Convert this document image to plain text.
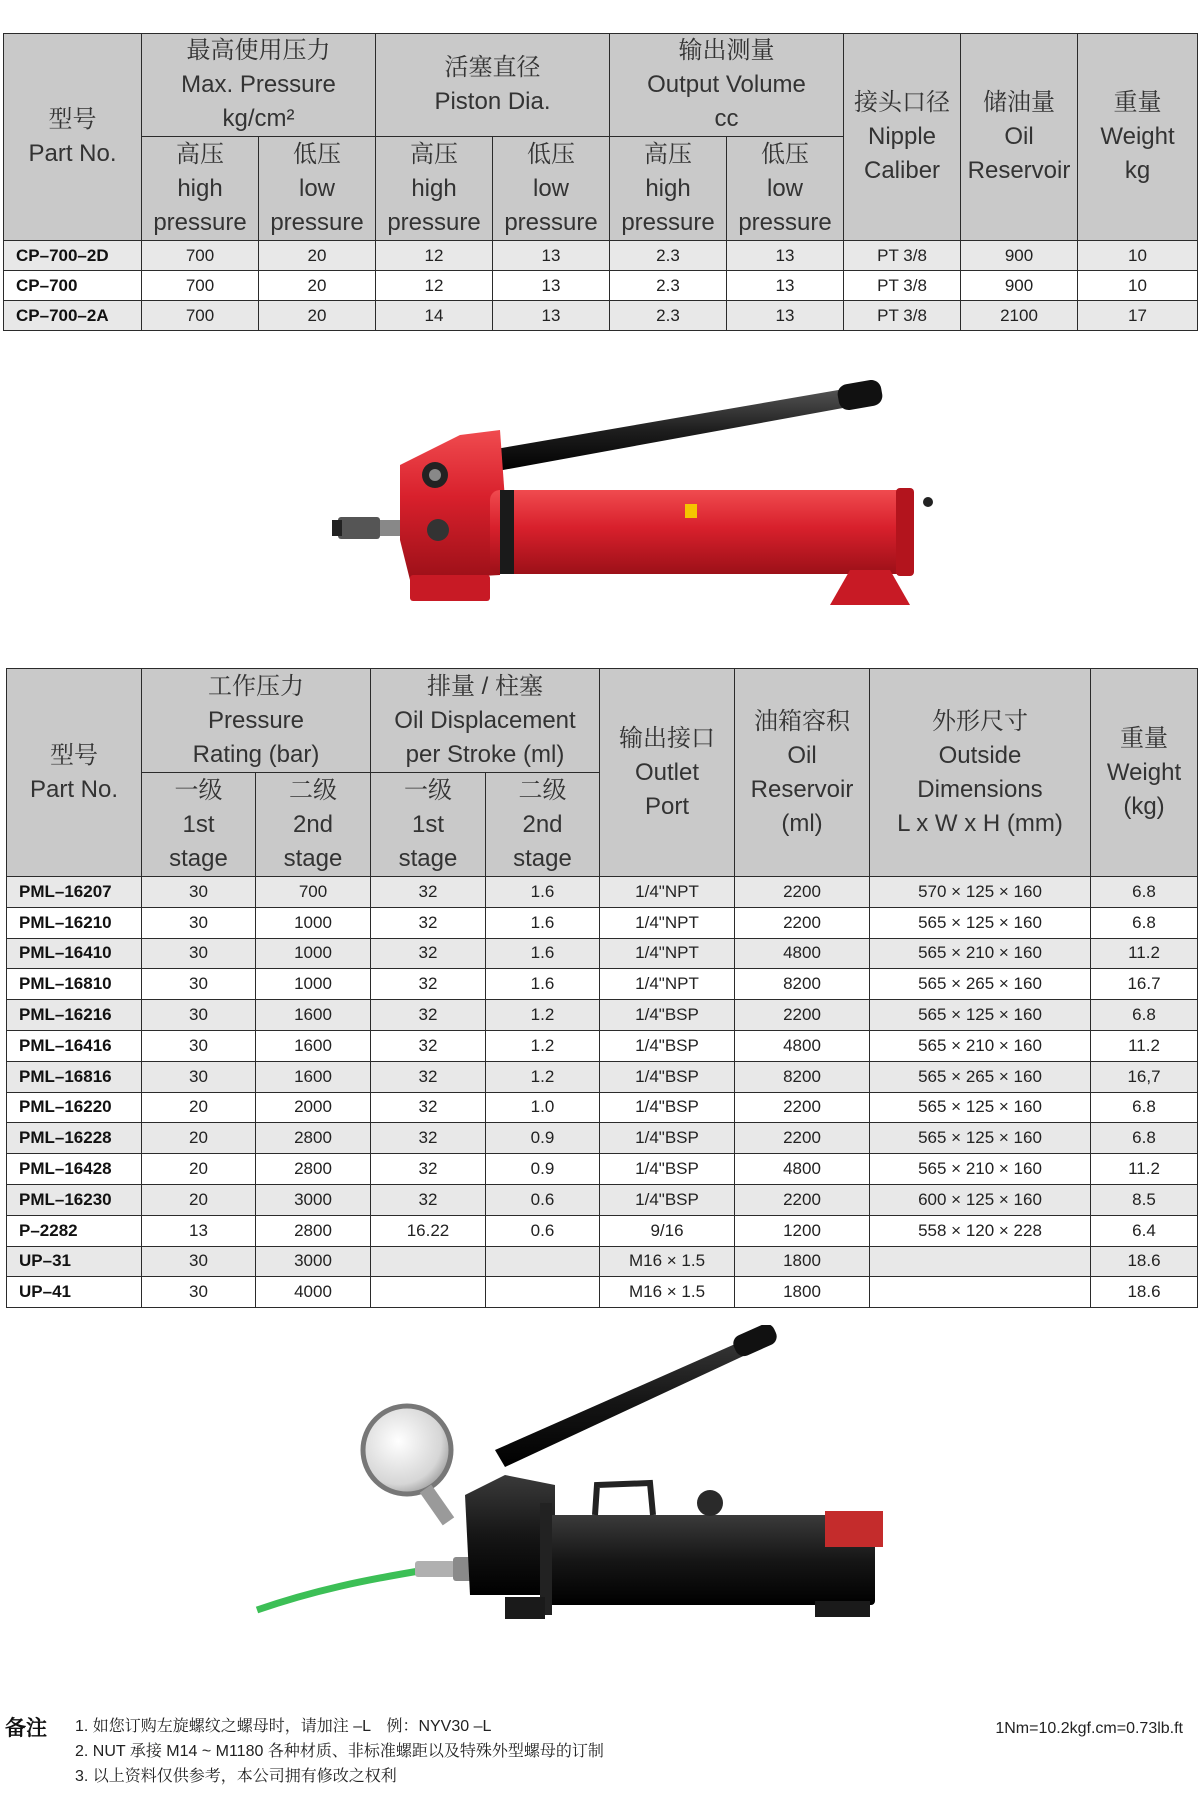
型号
Part No.	最高使用压力
Max. Pressure
kg/cm²		活塞直径
Piston Dia.		输出测量
Output Volume
cc		接头口径
Nipple
Caliber	储油量
Oil
Reservoir	重量
Weight
kg

	高压
high
pressure	低压
low
pressure	高压
high
pressure	低压
low
pressure	高压
high
pressure	低压
low
pressure			

CP–700–2D	700	20	12	13	2.3	13	PT 3/8	900	10
CP–700	700	20	12	13	2.3	13	PT 3/8	900	10
CP–700–2A	700	20	14	13	2.3	13	PT 3/8	2100	17
型号
Part No.	工作压力
Pressure
Rating (bar)		排量 / 柱塞
Oil Displacement
per Stroke (ml)		输出接口
Outlet
Port	油箱容积
Oil
Reservoir
(ml)	外形尺寸
Outside
Dimensions
L x W x H (mm)	重量
Weight
(kg)

	一级
1st
stage	二级
2nd
stage	一级
1st
stage	二级
2nd
stage				

PML–16207	30	700	32	1.6	1/4"NPT	2200	570 × 125 × 160	6.8
PML–16210	30	1000	32	1.6	1/4"NPT	2200	565 × 125 × 160	6.8
PML–16410	30	1000	32	1.6	1/4"NPT	4800	565 × 210 × 160	11.2
PML–16810	30	1000	32	1.6	1/4"NPT	8200	565 × 265 × 160	16.7
PML–16216	30	1600	32	1.2	1/4"BSP	2200	565 × 125 × 160	6.8
PML–16416	30	1600	32	1.2	1/4"BSP	4800	565 × 210 × 160	11.2
PML–16816	30	1600	32	1.2	1/4"BSP	8200	565 × 265 × 160	16,7
PML–16220	20	2000	32	1.0	1/4"BSP	2200	565 × 125 × 160	6.8
PML–16228	20	2800	32	0.9	1/4"BSP	2200	565 × 125 × 160	6.8
PML–16428	20	2800	32	0.9	1/4"BSP	4800	565 × 210 × 160	11.2
PML–16230	20	3000	32	0.6	1/4"BSP	2200	600 × 125 × 160	8.5
P–2282	13	2800	16.22	0.6	9/16	1200	558 × 120 × 228	6.4
UP–31	30	3000			M16 × 1.5	1800		18.6
UP–41	30	4000			M16 × 1.5	1800		18.6
备注 1. 如您订购左旋螺纹之螺母时，请加注 –L　例：NYV30 –L
2. NUT 承接 M14 ~ M1180 各种材质、非标准螺距以及特殊外型螺母的订制
3. 以上资料仅供参考，本公司拥有修改之权利
1Nm=10.2kgf.cm=0.73lb.ft
